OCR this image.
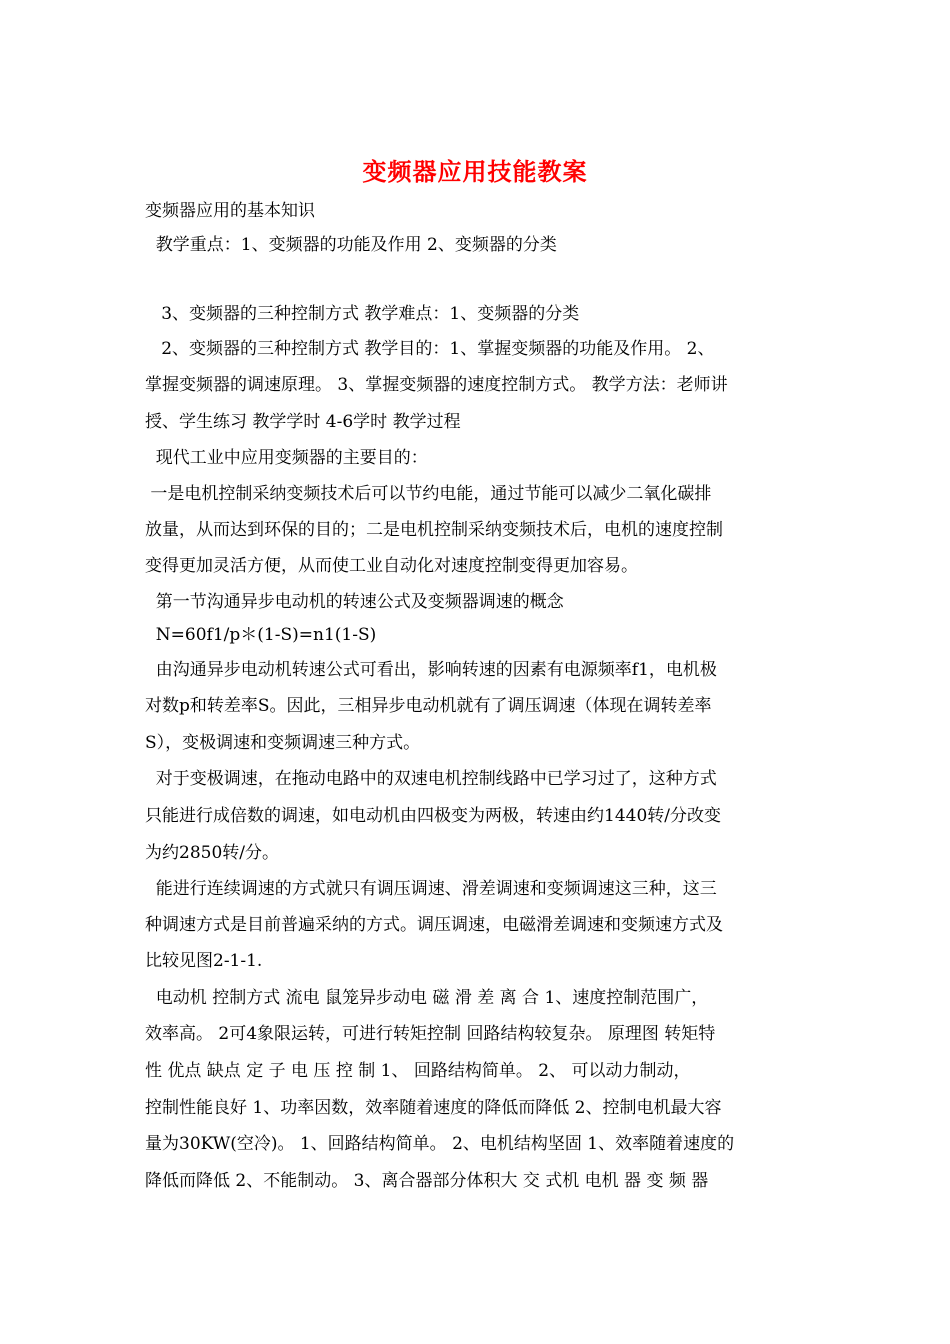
变频器应用技能教案
变频器应用的基本知识
教学重点：1、变频器的功能及作用 2、变频器的分类
3、变频器的三种控制方式 教学难点：1、变频器的分类
2、变频器的三种控制方式 教学目的：1、掌握变频器的功能及作用。 2、
掌握变频器的调速原理。 3、掌握变频器的速度控制方式。 教学方法：老师讲
授、学生练习 教学学时 4-6学时 教学过程
现代工业中应用变频器的主要目的：
一是电机控制采纳变频技术后可以节约电能，通过节能可以减少二氧化碳排
放量，从而达到环保的目的；二是电机控制采纳变频技术后，电机的速度控制
变得更加灵活方便，从而使工业自动化对速度控制变得更加容易。
第一节沟通异步电动机的转速公式及变频器调速的概念
N=60f1/p＊(1-S)=n1(1-S)
由沟通异步电动机转速公式可看出，影响转速的因素有电源频率f1，电机极
对数p和转差率S。因此，三相异步电动机就有了调压调速（体现在调转差率
S），变极调速和变频调速三种方式。
对于变极调速，在拖动电路中的双速电机控制线路中已学习过了，这种方式
只能进行成倍数的调速，如电动机由四极变为两极，转速由约1440转/分改变
为约2850转/分。
能进行连续调速的方式就只有调压调速、滑差调速和变频调速这三种，这三
种调速方式是目前普遍采纳的方式。调压调速，电磁滑差调速和变频速方式及
比较见图2-1-1.
电动机 控制方式 流电 鼠笼异步动电 磁 滑 差 离 合 1、速度控制范围广，
效率高。 2可4象限运转，可进行转矩控制 回路结构较复杂。 原理图 转矩特
性 优点 缺点 定 子 电 压 控 制 1、 回路结构简单。 2、 可以动力制动，
控制性能良好 1、功率因数，效率随着速度的降低而降低 2、控制电机最大容
量为30KW(空冷)。 1、回路结构简单。 2、电机结构坚固 1、效率随着速度的
降低而降低 2、不能制动。 3、离合器部分体积大 交 式机 电机 器 变 频 器
